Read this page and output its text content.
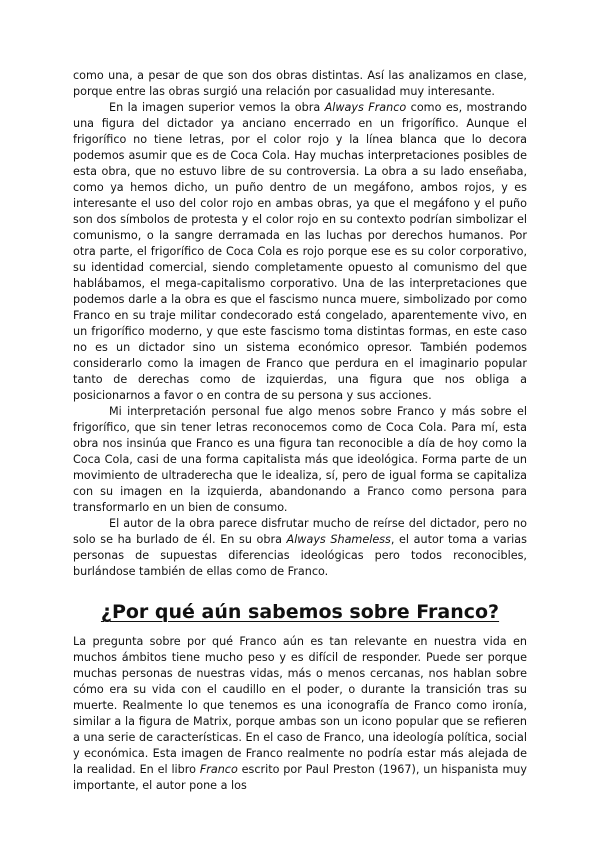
como una, a pesar de que son dos obras distintas. Así las analizamos en clase, porque entre las obras surgió una relación por casualidad muy interesante.

En la imagen superior vemos la obra Always Franco como es, mostrando una figura del dictador ya anciano encerrado en un frigorífico. Aunque el frigorífico no tiene letras, por el color rojo y la línea blanca que lo decora podemos asumir que es de Coca Cola. Hay muchas interpretaciones posibles de esta obra, que no estuvo libre de su controversia. La obra a su lado enseñaba, como ya hemos dicho, un puño dentro de un megáfono, ambos rojos, y es interesante el uso del color rojo en ambas obras, ya que el megáfono y el puño son dos símbolos de protesta y el color rojo en su contexto podrían simbolizar el comunismo, o la sangre derramada en las luchas por derechos humanos. Por otra parte, el frigorífico de Coca Cola es rojo porque ese es su color corporativo, su identidad comercial, siendo completamente opuesto al comunismo del que hablábamos, el mega-capitalismo corporativo. Una de las interpretaciones que podemos darle a la obra es que el fascismo nunca muere, simbolizado por como Franco en su traje militar condecorado está congelado, aparentemente vivo, en un frigorífico moderno, y que este fascismo toma distintas formas, en este caso no es un dictador sino un sistema económico opresor. También podemos considerarlo como la imagen de Franco que perdura en el imaginario popular tanto de derechas como de izquierdas, una figura que nos obliga a posicionarnos a favor o en contra de su persona y sus acciones.

Mi interpretación personal fue algo menos sobre Franco y más sobre el frigorífico, que sin tener letras reconocemos como de Coca Cola. Para mí, esta obra nos insinúa que Franco es una figura tan reconocible a día de hoy como la Coca Cola, casi de una forma capitalista más que ideológica. Forma parte de un movimiento de ultraderecha que le idealiza, sí, pero de igual forma se capitaliza con su imagen en la izquierda, abandonando a Franco como persona para transformarlo en un bien de consumo.

El autor de la obra parece disfrutar mucho de reírse del dictador, pero no solo se ha burlado de él. En su obra Always Shameless, el autor toma a varias personas de supuestas diferencias ideológicas pero todos reconocibles, burlándose también de ellas como de Franco.

¿Por qué aún sabemos sobre Franco?

La pregunta sobre por qué Franco aún es tan relevante en nuestra vida en muchos ámbitos tiene mucho peso y es difícil de responder. Puede ser porque muchas personas de nuestras vidas, más o menos cercanas, nos hablan sobre cómo era su vida con el caudillo en el poder, o durante la transición tras su muerte. Realmente lo que tenemos es una iconografía de Franco como ironía, similar a la figura de Matrix, porque ambas son un icono popular que se refieren a una serie de características. En el caso de Franco, una ideología política, social y económica. Esta imagen de Franco realmente no podría estar más alejada de la realidad. En el libro Franco escrito por Paul Preston (1967), un hispanista muy importante, el autor pone a los
